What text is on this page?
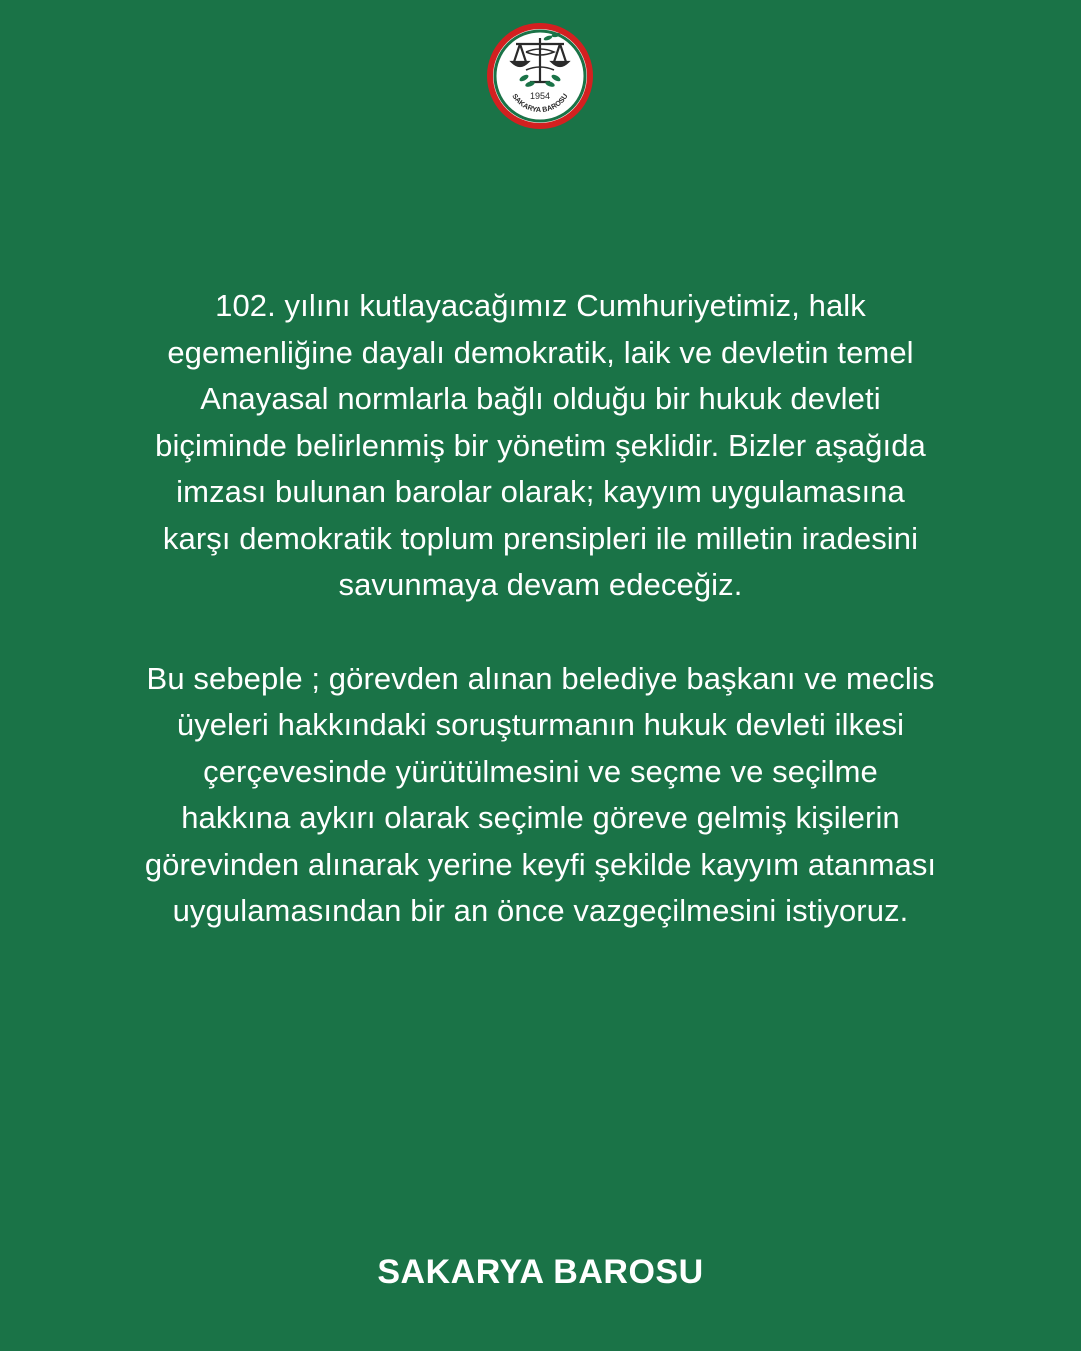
1954
SAKARYA BAROSU

102. yılını kutlayacağımız Cumhuriyetimiz, halk

egemenliğine dayalı demokratik, laik ve devletin temel

Anayasal normlarla bağlı olduğu bir hukuk devleti

biçiminde belirlenmiş bir yönetim şeklidir. Bizler aşağıda

imzası bulunan barolar olarak; kayyım uygulamasına

karşı demokratik toplum prensipleri ile milletin iradesini

savunmaya devam edeceğiz.

Bu sebeple ; görevden alınan belediye başkanı ve meclis

üyeleri hakkındaki soruşturmanın hukuk devleti ilkesi

çerçevesinde yürütülmesini ve seçme ve seçilme

hakkına aykırı olarak seçimle göreve gelmiş kişilerin

görevinden alınarak yerine keyfi şekilde kayyım atanması

uygulamasından bir an önce vazgeçilmesini istiyoruz.

SAKARYA BAROSU
